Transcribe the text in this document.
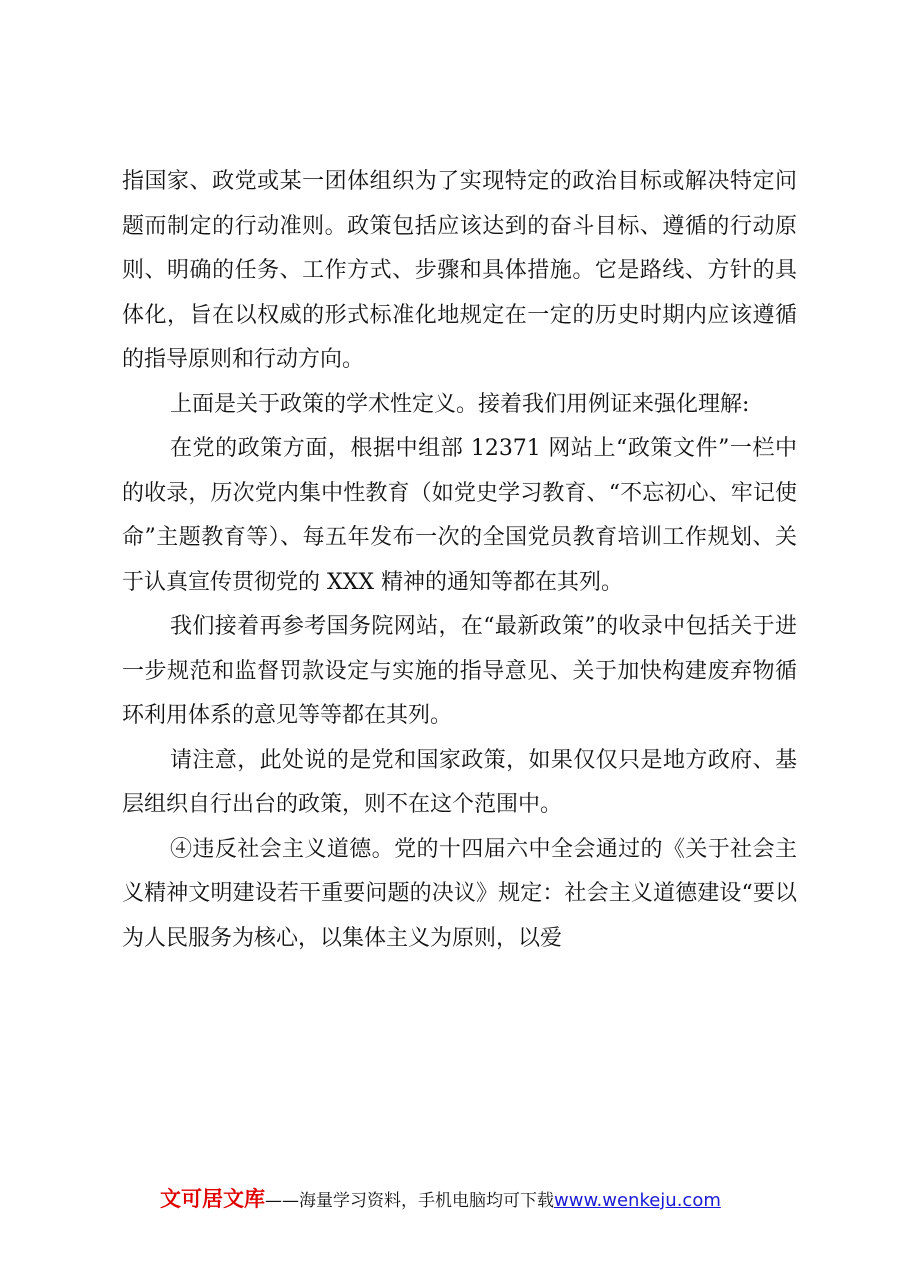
指国家、政党或某一团体组织为了实现特定的政治目标或解决特定问题而制定的行动准则。政策包括应该达到的奋斗目标、遵循的行动原则、明确的任务、工作方式、步骤和具体措施。它是路线、方针的具体化，旨在以权威的形式标准化地规定在一定的历史时期内应该遵循的指导原则和行动方向。

上面是关于政策的学术性定义。接着我们用例证来强化理解:

在党的政策方面，根据中组部 12371 网站上“政策文件”一栏中的收录，历次党内集中性教育（如党史学习教育、“不忘初心、牢记使命”主题教育等）、每五年发布一次的全国党员教育培训工作规划、关于认真宣传贯彻党的 XXX 精神的通知等都在其列。

我们接着再参考国务院网站，在“最新政策”的收录中包括关于进一步规范和监督罚款设定与实施的指导意见、关于加快构建废弃物循环利用体系的意见等等都在其列。

请注意，此处说的是党和国家政策，如果仅仅只是地方政府、基层组织自行出台的政策，则不在这个范围中。

④违反社会主义道德。党的十四届六中全会通过的《关于社会主义精神文明建设若干重要问题的决议》规定：社会主义道德建设“要以为人民服务为核心，以集体主义为原则，以爱

文可居文库——海量学习资料，手机电脑均可下载www.wenkeju.com
